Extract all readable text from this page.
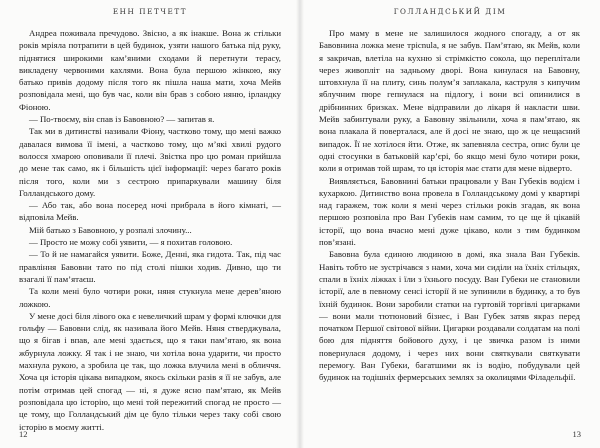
ЕНН ПЕТЧЕТТ

Андреа поживала пречудово. Звісно, а як інакше. Вона ж стільки років мріяла потрапити в цей будинок, узяти нашого батька під руку, піднятися широкими кам’яними сходами й перетнути терасу, викладену червоними кахлями. Вона була першою жінкою, яку батько привів додому після того як пішла наша мати, хоча Мейв розповідала мені, що був час, коли він брав з собою няню, ірландку Фіоною.

— По-твоєму, він спав із Бавовною? — запитав я.

Так ми в дитинстві називали Фіону, частково тому, що мені важко давалася вимова її імені, а частково тому, що м’які хвилі рудого волосся хмарою оповивали її плечі. Звістка про цю роман прийшла до мене так само, як і більшість цієї інформації: через багато років після того, коли ми з сестрою припаркували машину біля Голландського дому.

— Або так, або вона посеред ночі прибрала в його кімнаті, — відповіла Мейв.

Мій батько з Бавовною, у розпалі злочину...

— Просто не можу собі уявити, — я похитав головою.

— То й не намагайся уявити. Боже, Денні, яка гидота. Так, під час правління Бавовни тато по під столі пішки ходив. Дивно, що ти взагалі її пам’ятаєш.

Та коли мені було чотири роки, няня стукнула мене дерев’яною ложкою.

У мене досі біля лівого ока є невеличкий шрам у формі ключки для гольфу — Бавовни слід, як називала його Мейв. Няня стверджувала, що я бігав і впав, але мені здається, що я таки пам’ятаю, як вона жбурнула ложку. Я так і не знаю, чи хотіла вона ударити, чи просто махнула рукою, а зробила це так, що ложка влучила мені в обличчя. Хоча ця історія цікава випадком, якось скільки разів я її не забув, але потім отримав цей спогад — ні, я дуже ясно пам’ятаю, як Мейв розповідала цю історію, що мені той пережитий спогад не просто — це тому, що Голландський дім це було тільки через таку собі свою історію в моєму житті.

12
ГОЛЛАНДСЬКИЙ ДІМ

Про маму в мене не залишилося жодного спогаду, а от як Бавовнина ложка мене трісnula, я не забув. Пам’ятаю, як Мейв, коли я закричав, влетіла на кухню зі стрімкістю сокола, що переплітали через живопліт на задньому дворі. Вона кинулася на Бавовну, штовхнула її на плиту, синь полум’я заплакала, каструля з кипучим яблучним пюре гепнулася на підлогу, і вони всі опинилися в дрібнинних бризках. Мене відправили до лікаря й накласти шви. Мейв забинтували руку, а Бавовну звільнили, хоча я пам’ятаю, як вона плакала й поверталася, але й досі не знаю, що ж це нещасний випадок. Її не хотілося йти. Отже, як запевняла сестра, опис були це одні стосунки в батьковій кар’єрі, бо якщо мені було чотири роки, коли я отримав той шрам, то ця історія має стати для мене відверто.

Виявляється, Бавовнині батьки працювали у Ван Губеків водієм і кухаркою. Дитинство вона провела в Голландському домі у квартирі над гаражем, тож коли я мені через стільки років згадав, як вона першою розповіла про Ван Губеків нам самим, то це ще й цікавій історії, що вона вчасно мені дуже цікаво, коли з тим будинком пов’язані.

Бавовна була єдиною людиною в домі, яка знала Ван Губеків. Навіть тобто не зустрічався з нами, хоча ми сиділи на їхніх стільцях, спали в їхніх ліжках і їли з їхнього посуду. Ван Губеки не становили історії, але в певному сенсі історії й не зупинили в будинку, а то був їхній будинок. Вони заробили статки на гуртовій торгівлі цигарками — вони мали тютюновий бізнес, і Ван Губек затяв якраз перед початком Першої світової війни. Цигарки роздавали солдатам на полі бою для підняття бойового духу, і це звичка разом із ними повернулася додому, і через них вони святкували святкувати перемогу. Ван Губеки, багатшими як із водію, побудували цей будинок на тодішніх фермерських землях за околицями Філадельфії.

13
